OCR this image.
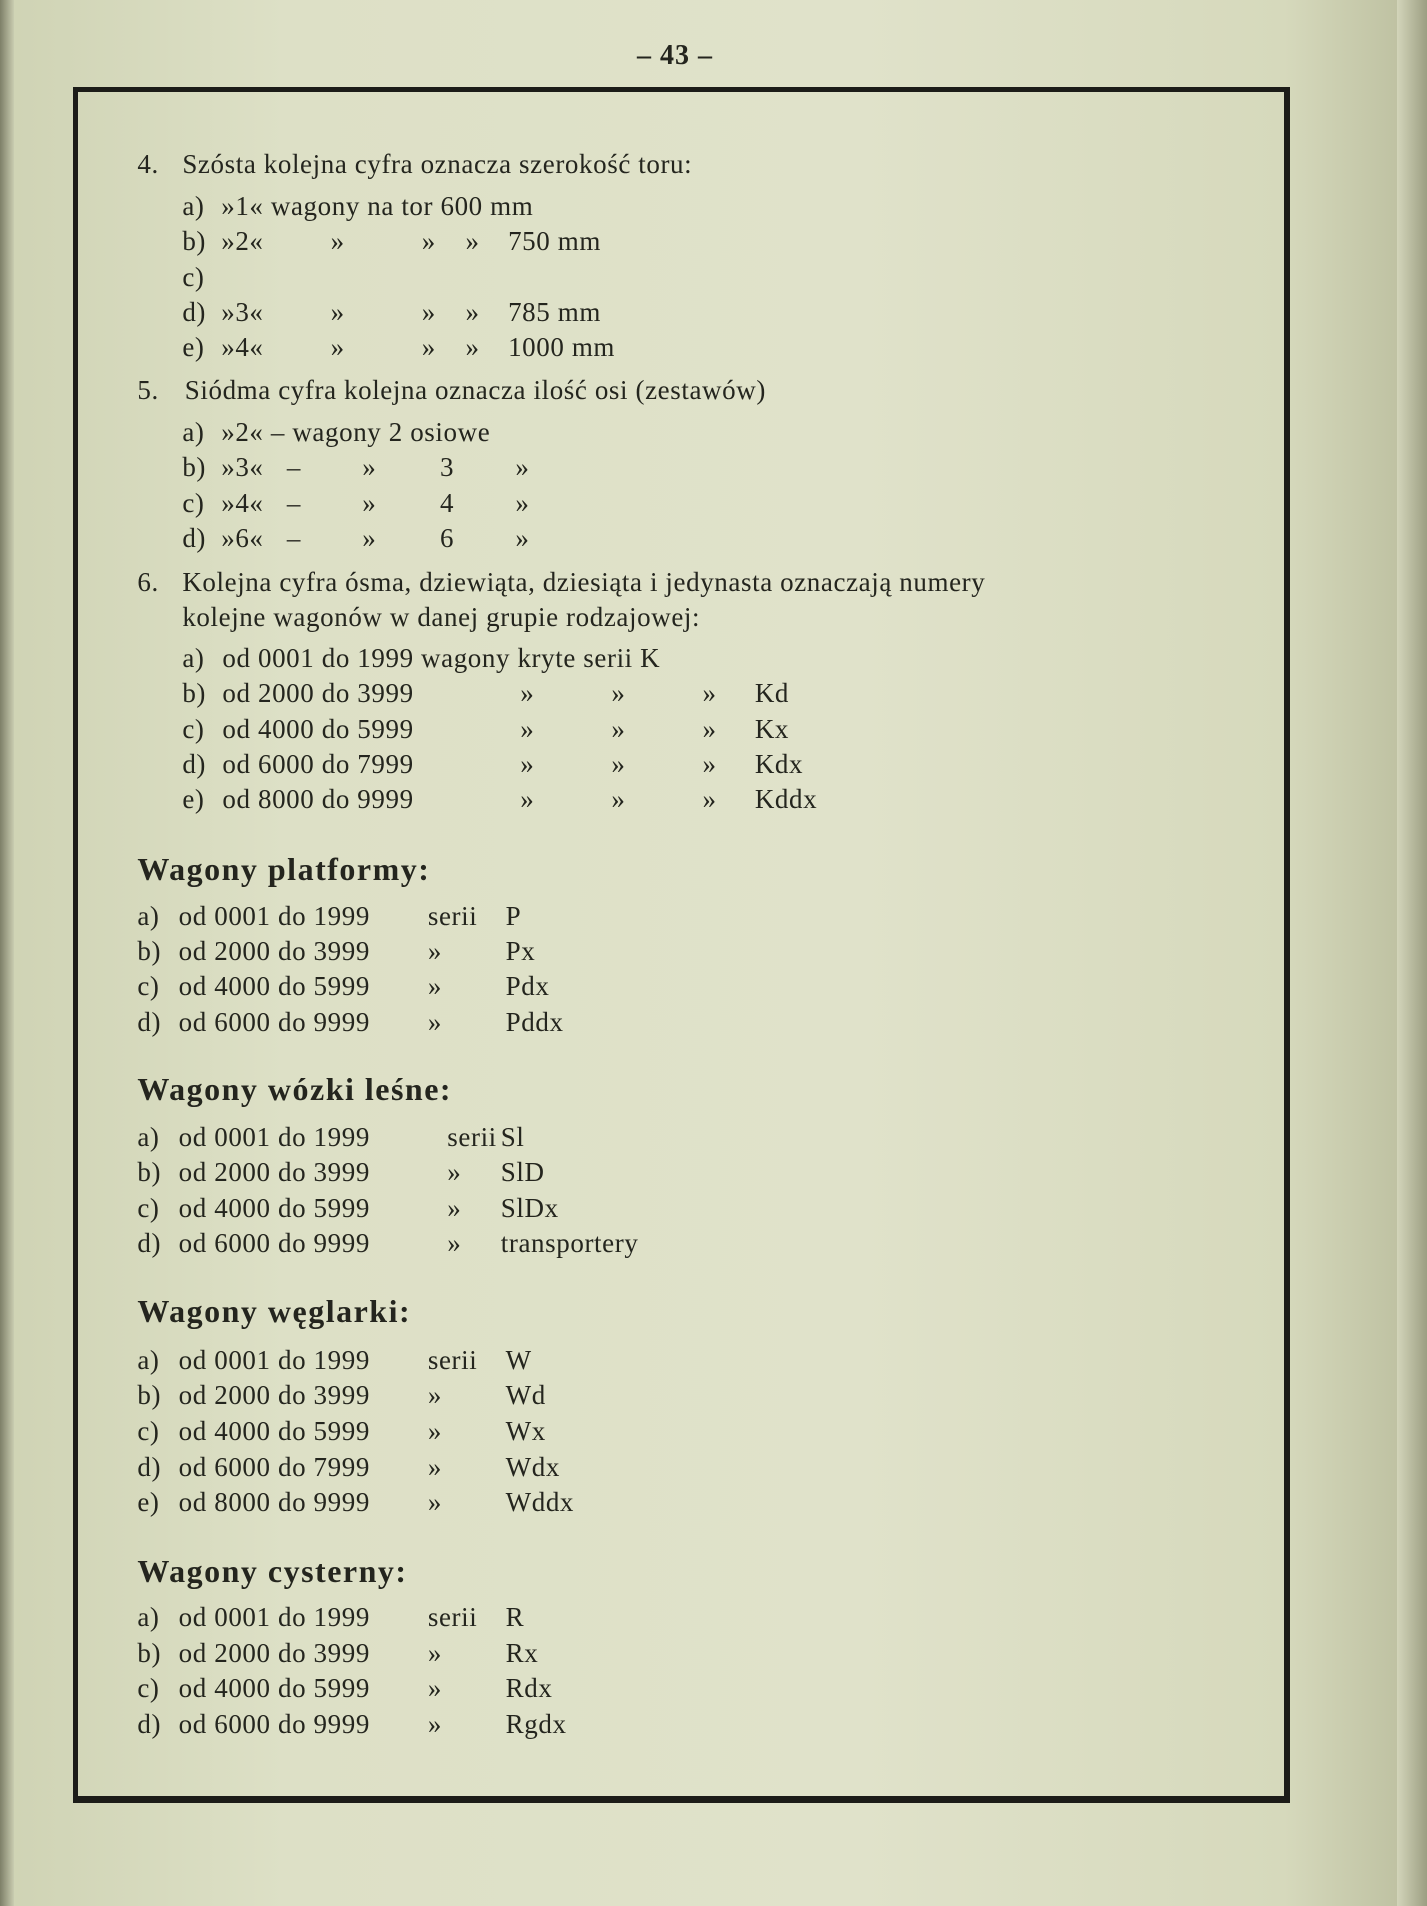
– 43 –
4. Szósta kolejna cyfra oznacza szerokość toru:
a) »1« wagony na tor 600 mm
b) »2« »	» » 750 mm
c)
d) »3« »	» » 785 mm
e) »4« »	» » 1000 mm
5. Siódma cyfra kolejna oznacza ilość osi (zestawów)
a) »2« – wagony 2 osiowe
b) »3« – » 3 »
c) »4« – » 4 »
d) »6« – » 6 »
6. Kolejna cyfra ósma, dziewiąta, dziesiąta i jedynasta oznaczają numery
kolejne wagonów w danej grupie rodzajowej:
a) od 0001 do 1999 wagony kryte serii K
b) od 2000 do 3999	»	»	» Kd
c) od 4000 do 5999	»	»	» Kx
d) od 6000 do 7999	»	»	» Kdx
e) od 8000 do 9999	»	»	» Kddx
Wagony platformy:
a) od 0001 do 1999 serii P
b) od 2000 do 3999 » Px
c) od 4000 do 5999 » Pdx
d) od 6000 do 9999 » Pddx
Wagony wózki leśne:
a) od 0001 do 1999	serii Sl
b) od 2000 do 3999	» SlD
c) od 4000 do 5999	» SlDx
d) od 6000 do 9999	» transportery
Wagony węglarki:
a) od 0001 do 1999 serii W
b) od 2000 do 3999 » Wd
c) od 4000 do 5999 » Wx
d) od 6000 do 7999 » Wdx
e) od 8000 do 9999 » Wddx
Wagony cysterny:
a) od 0001 do 1999 serii R
b) od 2000 do 3999 » Rx
c) od 4000 do 5999 » Rdx
d) od 6000 do 9999 » Rgdx
